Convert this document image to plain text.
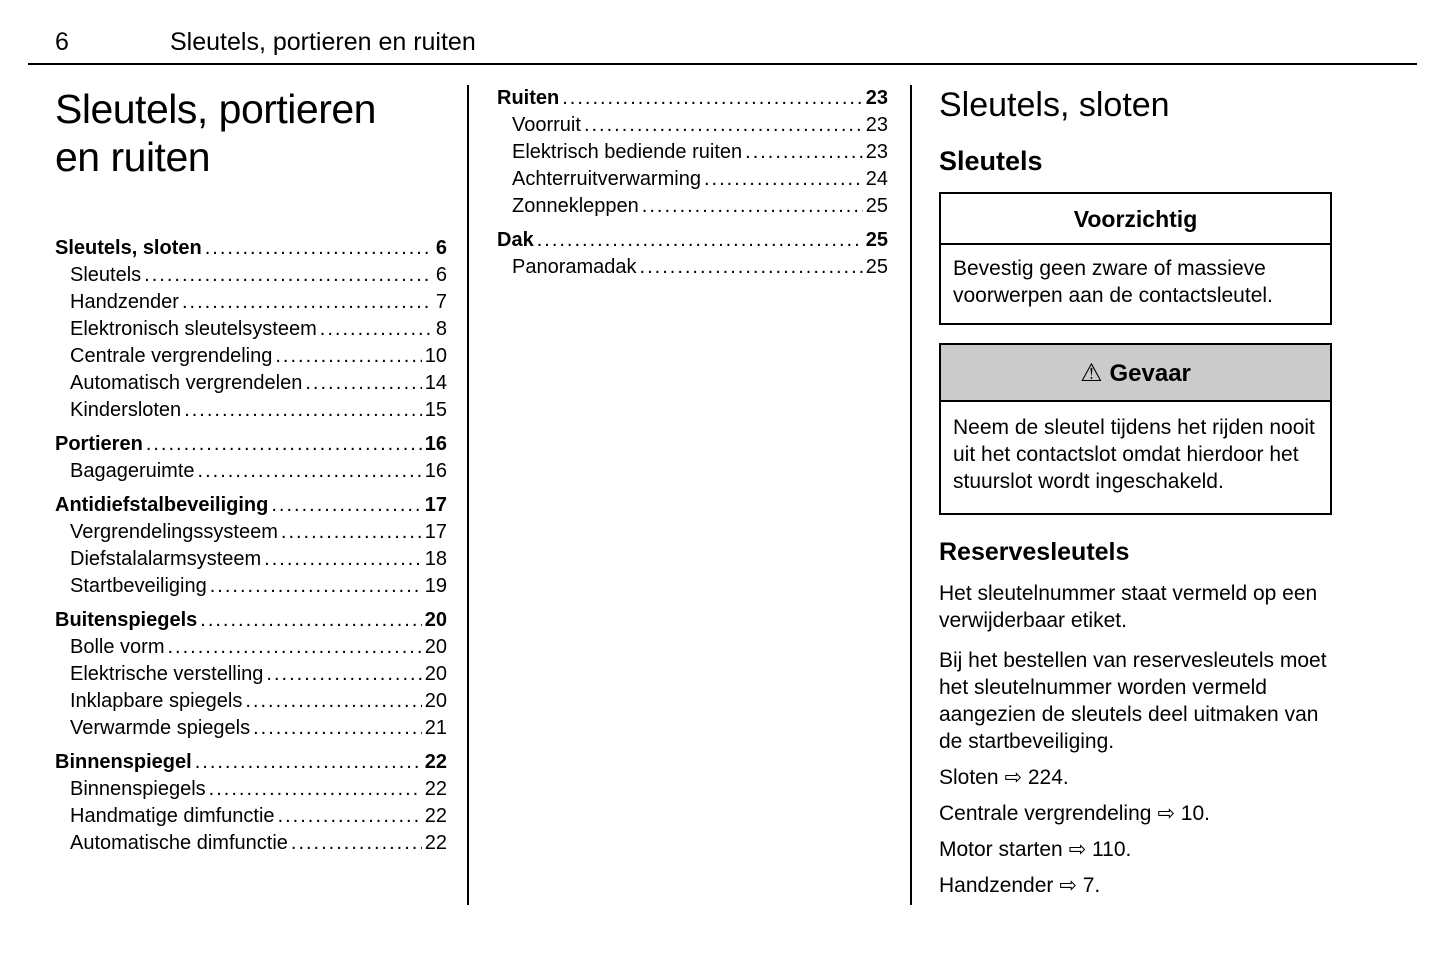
6	Sleutels, portieren en ruiten
Sleutels, portieren
en ruiten
Sleutels, sloten .....	6
Sleutels .....	6
Handzender .....	7
Elektronisch sleutelsysteem .....	8
Centrale vergrendeling .....	10
Automatisch vergrendelen .....	14
Kindersloten .....	15
Portieren .....	16
Bagageruimte .....	16
Antidiefstalbeveiliging .....	17
Vergrendelingssysteem .....	17
Diefstalalarmsysteem .....	18
Startbeveiliging .....	19
Buitenspiegels .....	20
Bolle vorm .....	20
Elektrische verstelling .....	20
Inklapbare spiegels .....	20
Verwarmde spiegels .....	21
Binnenspiegel .....	22
Binnenspiegels .....	22
Handmatige dimfunctie .....	22
Automatische dimfunctie .....	22
Ruiten .....	23
Voorruit .....	23
Elektrisch bediende ruiten .....	23
Achterruitverwarming .....	24
Zonnekleppen .....	25
Dak .....	25
Panoramadak .....	25
Sleutels, sloten
Sleutels
Voorzichtig
Bevestig geen zware of massieve voorwerpen aan de contactsleutel.
⚠ Gevaar
Neem de sleutel tijdens het rijden nooit uit het contactslot omdat hierdoor het stuurslot wordt ingeschakeld.
Reservesleutels

Het sleutelnummer staat vermeld op een verwijderbaar etiket.

Bij het bestellen van reservesleutels moet het sleutelnummer worden vermeld aangezien de sleutels deel uitmaken van de startbeveiliging.

Sloten ⇨ 224.

Centrale vergrendeling ⇨ 10.

Motor starten ⇨ 110.

Handzender ⇨ 7.
